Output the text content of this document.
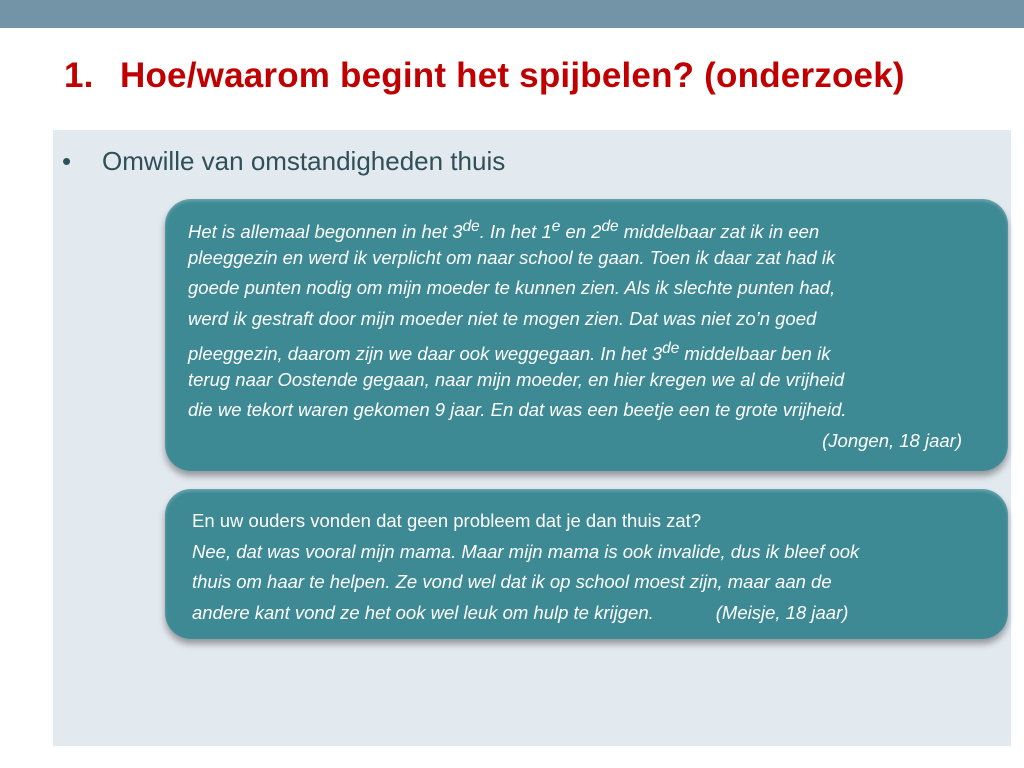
1. Hoe/waarom begint het spijbelen? (onderzoek)
• Omwille van omstandigheden thuis
Het is allemaal begonnen in het 3de. In het 1e en 2de middelbaar zat ik in een
pleeggezin en werd ik verplicht om naar school te gaan. Toen ik daar zat had ik
goede punten nodig om mijn moeder te kunnen zien. Als ik slechte punten had,
werd ik gestraft door mijn moeder niet te mogen zien. Dat was niet zo’n goed
pleeggezin, daarom zijn we daar ook weggegaan. In het 3de middelbaar ben ik
terug naar Oostende gegaan, naar mijn moeder, en hier kregen we al de vrijheid
die we tekort waren gekomen 9 jaar. En dat was een beetje een te grote vrijheid.
(Jongen, 18 jaar)
En uw ouders vonden dat geen probleem dat je dan thuis zat?
Nee, dat was vooral mijn mama. Maar mijn mama is ook invalide, dus ik bleef ook
thuis om haar te helpen. Ze vond wel dat ik op school moest zijn, maar aan de
andere kant vond ze het ook wel leuk om hulp te krijgen.	(Meisje, 18 jaar)
